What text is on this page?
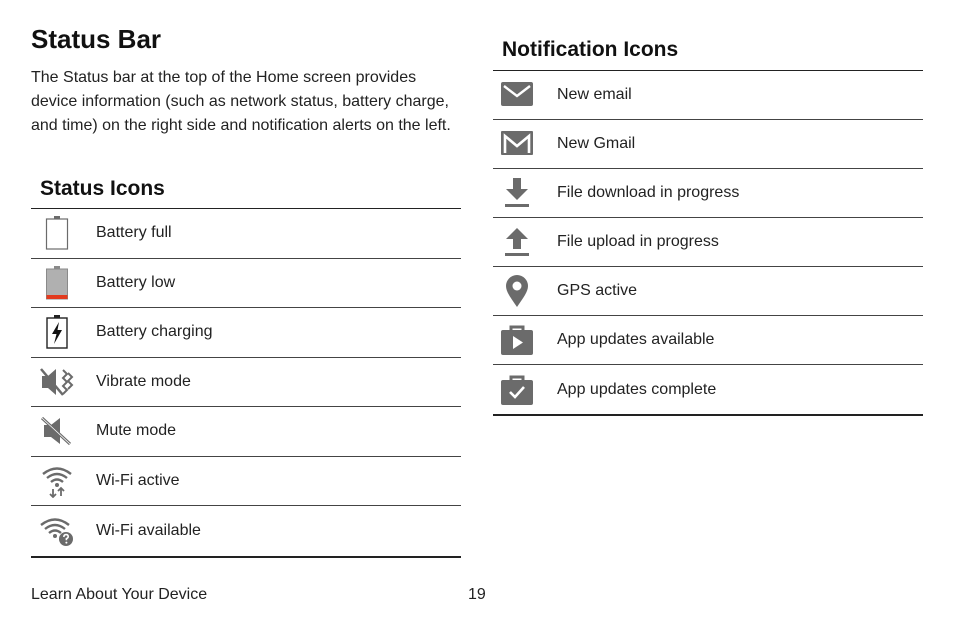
Status Bar

The Status bar at the top of the Home screen provides device information (such as network status, battery charge, and time) on the right side and notification alerts on the left.

Status Icons
Battery full
Battery low
Battery charging
Vibrate mode
Mute mode
Wi-Fi active
Wi-Fi available
Notification Icons
New email
New Gmail
File download in progress
File upload in progress
GPS active
App updates available
App updates complete

Learn About Your Device	19
